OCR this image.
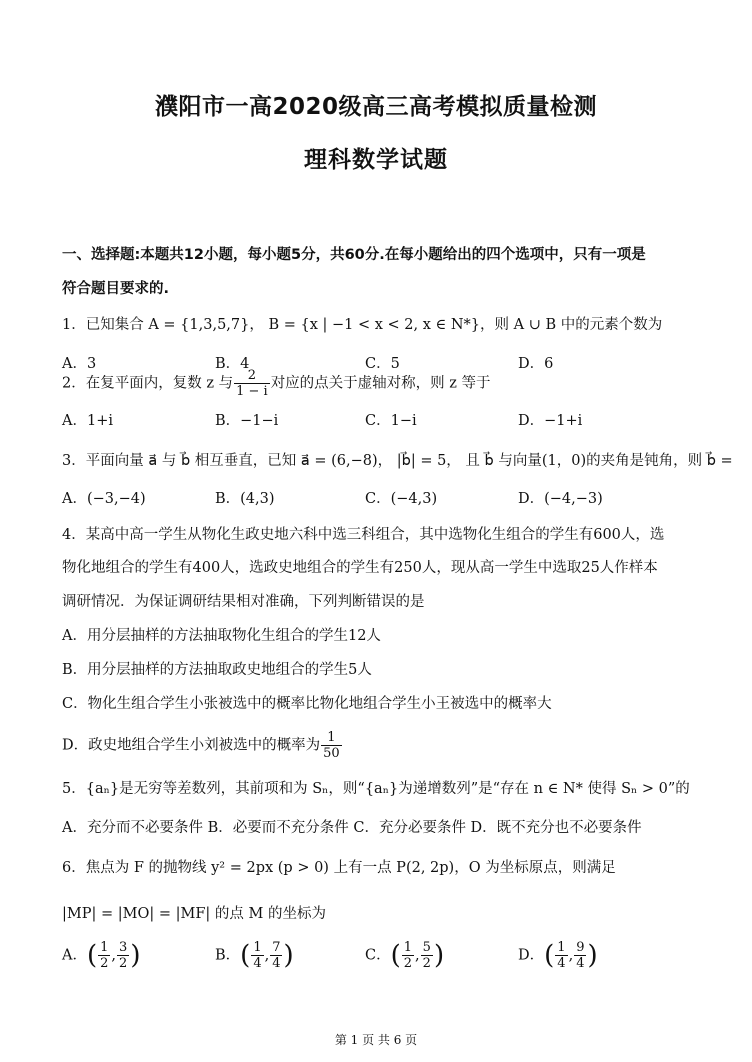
濮阳市一高2020级高三高考模拟质量检测
理科数学试题
一、选择题:本题共12小题，每小题5分，共60分.在每小题给出的四个选项中，只有一项是
符合题目要求的.
1．已知集合 A = {1,3,5,7}， B = {x | −1 < x < 2, x ∈ N*}，则 A ∪ B 中的元素个数为
A．3	B．4	C．5	D．6
2．在复平面内，复数 z 与 $\frac{2}{1 - i}$ 对应的点关于虚轴对称，则 z 等于
A．1+i	B．−1−i	C．1−i	D．−1+i
3．平面向量 a⃗ 与 b⃗ 相互垂直，已知 a⃗ = (6,−8)， |b⃗| = 5， 且 b⃗ 与向量(1，0)的夹角是钝角，则 b⃗ =
A．(−3,−4)	B．(4,3)	C．(−4,3)	D．(−4,−3)
4．某高中高一学生从物化生政史地六科中选三科组合，其中选物化生组合的学生有600人，选
物化地组合的学生有400人，选政史地组合的学生有250人，现从高一学生中选取25人作样本
调研情况．为保证调研结果相对准确，下列判断错误的是
A．用分层抽样的方法抽取物化生组合的学生12人
B．用分层抽样的方法抽取政史地组合的学生5人
C．物化生组合学生小张被选中的概率比物化地组合学生小王被选中的概率大
D．政史地组合学生小刘被选中的概率为 $\frac{1}{50}$
5．{aₙ}是无穷等差数列，其前项和为 Sₙ，则“{aₙ}为递增数列”是“存在 n ∈ N* 使得 Sₙ > 0”的
A．充分而不必要条件 B．必要而不充分条件 C．充分必要条件 D．既不充分也不必要条件
6．焦点为 F 的抛物线 y² = 2px (p > 0) 上有一点 P(2, 2p)，O 为坐标原点，则满足
|MP| = |MO| = |MF| 的点 M 的坐标为
A．( $\frac{1}{2}$ , $\frac{3}{2}$ )	B．( $\frac{1}{4}$ , $\frac{7}{4}$ )	C．( $\frac{1}{2}$ , $\frac{5}{2}$ )	D．( $\frac{1}{4}$ , $\frac{9}{4}$ )
第 1 页 共 6 页
